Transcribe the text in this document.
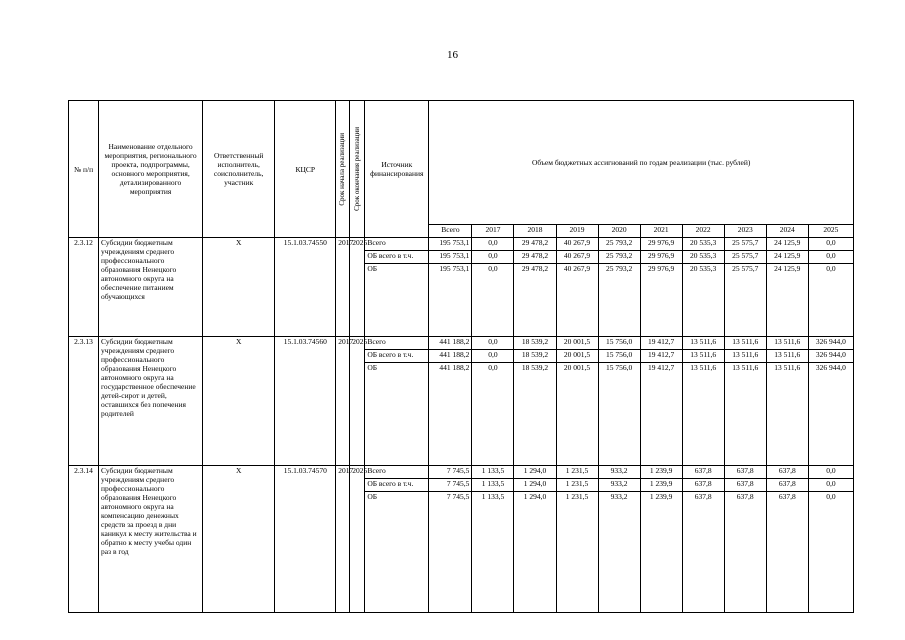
16
№ п/п	Наименование отдельного мероприятия, регионального проекта, подпрограммы, основного мероприятия, детализированного мероприятия	Ответственный исполнитель, соисполнитель, участник	КЦСР	Срок начала реализации	Срок окончания реализации	Источник финансирования	Объем бюджетных ассигнований по годам реализации (тыс. рублей)									
							Всего	2017	2018	2019	2020	2021	2022	2023	2024	2025
2.3.12	Субсидии бюджетным учреждениям среднего профессионального образования Ненецкого автономного округа на обеспечение питанием обучающихся	Х	15.1.03.74550	2017	2025	Всего	195 753,1	0,0	29 478,2	40 267,9	25 793,2	29 976,9	20 535,3	25 575,7	24 125,9	0,0
						ОБ всего в т.ч.	195 753,1	0,0	29 478,2	40 267,9	25 793,2	29 976,9	20 535,3	25 575,7	24 125,9	0,0
						ОБ	195 753,1	0,0	29 478,2	40 267,9	25 793,2	29 976,9	20 535,3	25 575,7	24 125,9	0,0
2.3.13	Субсидии бюджетным учреждениям среднего профессионального образования Ненецкого автономного округа на государственное обеспечение детей-сирот и детей, оставшихся без попечения родителей	Х	15.1.03.74560	2017	2025	Всего	441 188,2	0,0	18 539,2	20 001,5	15 756,0	19 412,7	13 511,6	13 511,6	13 511,6	326 944,0
						ОБ всего в т.ч.	441 188,2	0,0	18 539,2	20 001,5	15 756,0	19 412,7	13 511,6	13 511,6	13 511,6	326 944,0
						ОБ	441 188,2	0,0	18 539,2	20 001,5	15 756,0	19 412,7	13 511,6	13 511,6	13 511,6	326 944,0
2.3.14	Субсидии бюджетным учреждениям среднего профессионального образования Ненецкого автономного округа на компенсацию денежных средств за проезд в дни каникул к месту жительства и обратно к месту учебы один раз в год	Х	15.1.03.74570	2017	2025	Всего	7 745,5	1 133,5	1 294,0	1 231,5	933,2	1 239,9	637,8	637,8	637,8	0,0
						ОБ всего в т.ч.	7 745,5	1 133,5	1 294,0	1 231,5	933,2	1 239,9	637,8	637,8	637,8	0,0
						ОБ	7 745,5	1 133,5	1 294,0	1 231,5	933,2	1 239,9	637,8	637,8	637,8	0,0
